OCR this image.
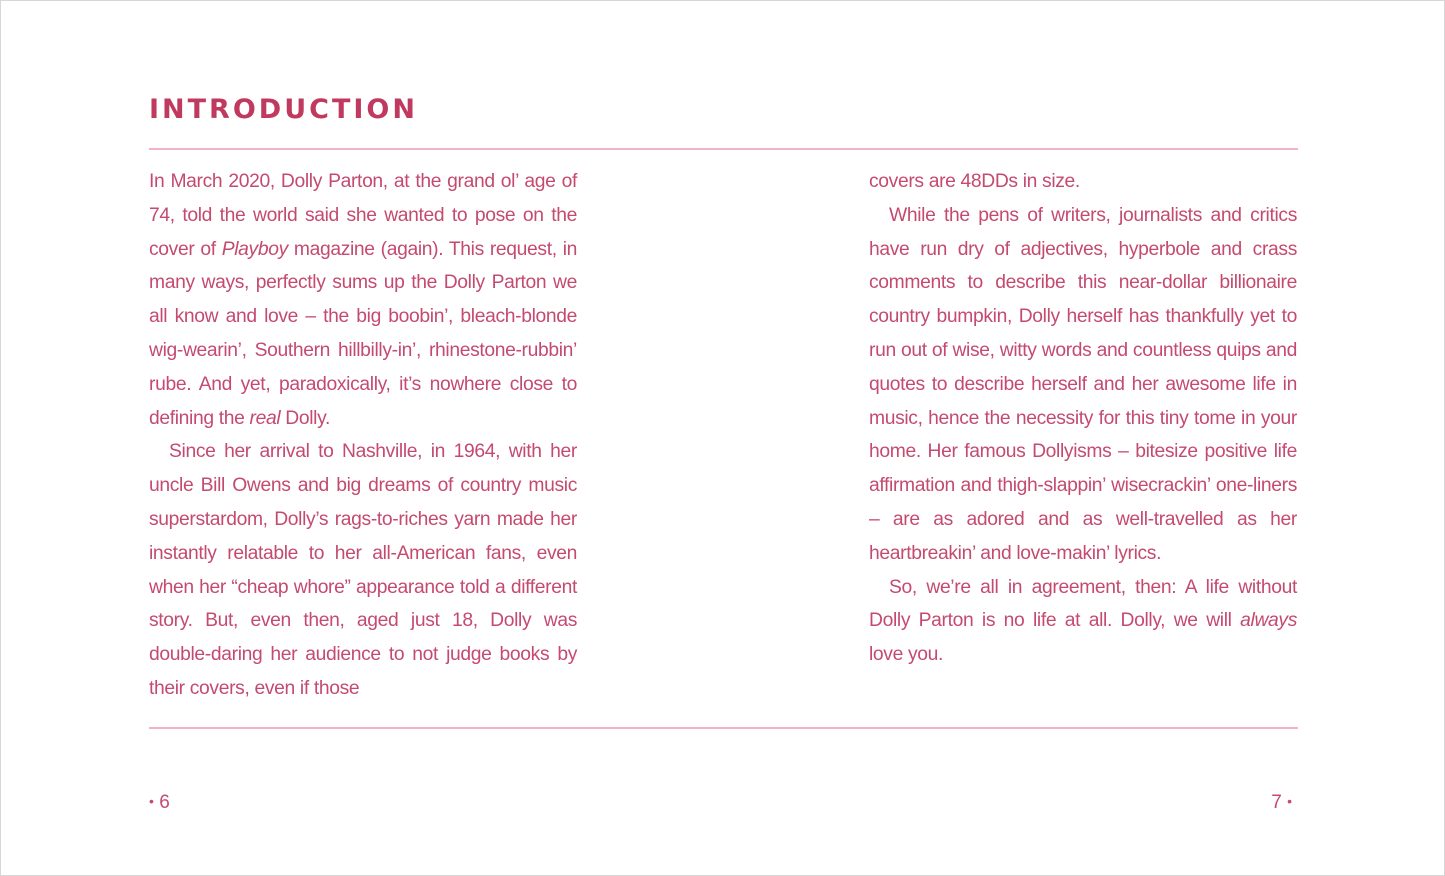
INTRODUCTION

In March 2020, Dolly Parton, at the grand ol’ age of 74, told the world said she wanted to pose on the cover of Playboy magazine (again). This request, in many ways, perfectly sums up the Dolly Parton we all know and love – the big boobin’, bleach-blonde wig-wearin’, Southern hillbilly-in’, rhinestone-rubbin’ rube. And yet, paradoxically, it’s nowhere close to defining the real Dolly.

Since her arrival to Nashville, in 1964, with her uncle Bill Owens and big dreams of country music superstardom, Dolly’s rags-to-riches yarn made her instantly relatable to her all-American fans, even when her “cheap whore” appearance told a different story. But, even then, aged just 18, Dolly was double-daring her audience to not judge books by their covers, even if those

covers are 48DDs in size.

While the pens of writers, journalists and critics have run dry of adjectives, hyperbole and crass comments to describe this near-dollar billionaire country bumpkin, Dolly herself has thankfully yet to run out of wise, witty words and countless quips and quotes to describe herself and her awesome life in music, hence the necessity for this tiny tome in your home. Her famous Dollyisms – bitesize positive life affirmation and thigh-slappin’ wisecrackin’ one-liners – are as adored and as well-travelled as her heartbreakin’ and love-makin’ lyrics.

So, we’re all in agreement, then: A life without Dolly Parton is no life at all. Dolly, we will always love you.

• 6	7 •
